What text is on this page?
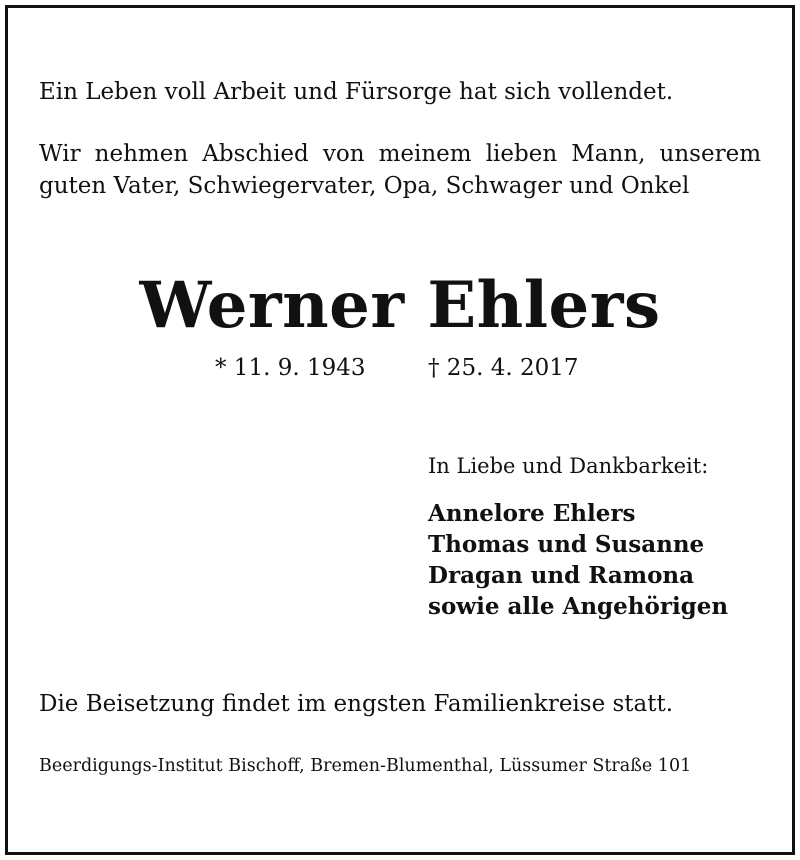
Ein Leben voll Arbeit und Fürsorge hat sich vollendet.

Wir nehmen Abschied von meinem lieben Mann, unserem
guten Vater, Schwiegervater, Opa, Schwager und Onkel
Werner Ehlers

* 11. 9. 1943	† 25. 4. 2017

In Liebe und Dankbarkeit:

Annelore Ehlers
Thomas und Susanne
Dragan und Ramona
sowie alle Angehörigen

Die Beisetzung findet im engsten Familienkreise statt.

Beerdigungs-Institut Bischoff, Bremen-Blumenthal, Lüssumer Straße 101
